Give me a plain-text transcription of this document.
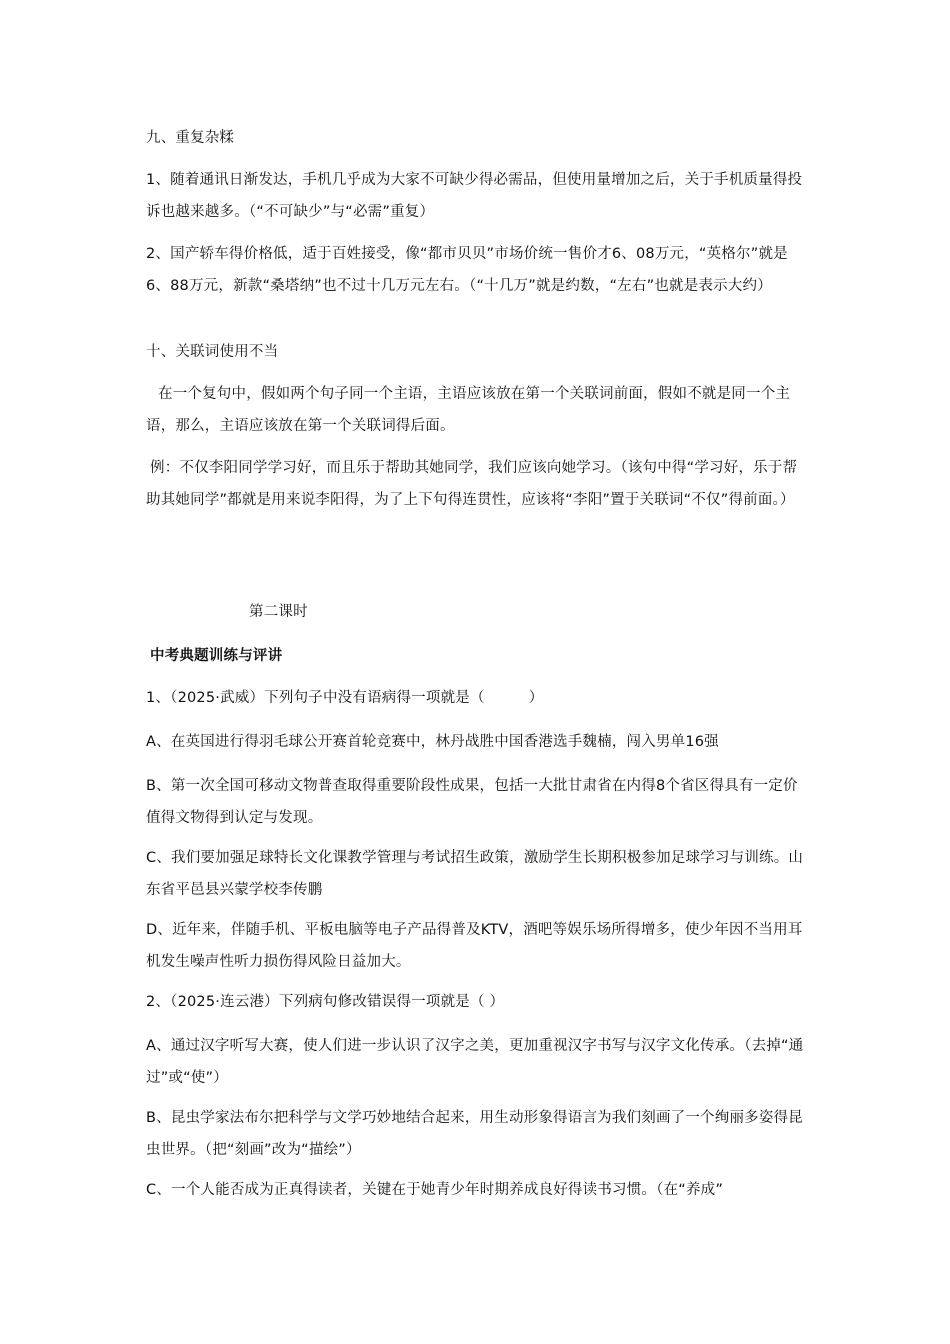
九、重复杂糅

1、随着通讯日渐发达，手机几乎成为大家不可缺少得必需品，但使用量增加之后，关于手机质量得投诉也越来越多。（“不可缺少”与“必需”重复）

2、国产轿车得价格低，适于百姓接受，像“都市贝贝”市场价统一售价才6、08万元，“英格尔”就是6、88万元，新款“桑塔纳”也不过十几万元左右。（“十几万”就是约数，“左右”也就是表示大约）

十、关联词使用不当

在一个复句中，假如两个句子同一个主语，主语应该放在第一个关联词前面，假如不就是同一个主语，那么，主语应该放在第一个关联词得后面。

例：不仅李阳同学学习好，而且乐于帮助其她同学，我们应该向她学习。（该句中得“学习好，乐于帮助其她同学”都就是用来说李阳得，为了上下句得连贯性，应该将“李阳”置于关联词“不仅”得前面。）

第二课时

中考典题训练与评讲

1、（2025·武威）下列句子中没有语病得一项就是（　　　）

A、在英国进行得羽毛球公开赛首轮竞赛中，林丹战胜中国香港选手魏楠，闯入男单16强

B、第一次全国可移动文物普查取得重要阶段性成果，包括一大批甘肃省在内得8个省区得具有一定价值得文物得到认定与发现。

C、我们要加强足球特长文化课教学管理与考试招生政策，激励学生长期积极参加足球学习与训练。山东省平邑县兴蒙学校李传鹏

D、近年来，伴随手机、平板电脑等电子产品得普及KTV，酒吧等娱乐场所得增多，使少年因不当用耳机发生噪声性听力损伤得风险日益加大。

2、（2025·连云港）下列病句修改错误得一项就是（ ）

A、通过汉字听写大赛，使人们进一步认识了汉字之美，更加重视汉字书写与汉字文化传承。（去掉“通过”或“使”）

B、昆虫学家法布尔把科学与文学巧妙地结合起来，用生动形象得语言为我们刻画了一个绚丽多姿得昆虫世界。（把“刻画”改为“描绘”）

C、一个人能否成为正真得读者，关键在于她青少年时期养成良好得读书习惯。（在“养成”
